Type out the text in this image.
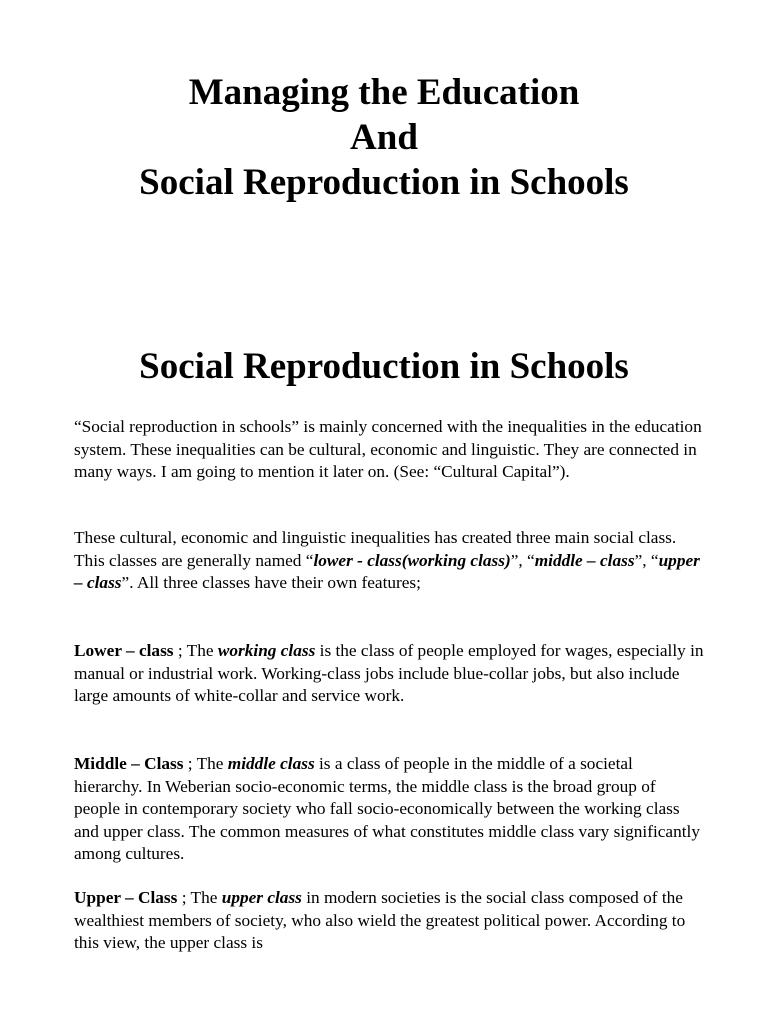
Managing the Education
And
Social Reproduction in Schools
Social Reproduction in Schools

“Social reproduction in schools” is mainly concerned with the inequalities in the education system. These inequalities can be cultural, economic and linguistic. They are connected in many ways. I am going to mention it later on. (See: “Cultural Capital”).

These cultural, economic and linguistic inequalities has created three main social class. This classes are generally named “lower - class(working class)”, “middle – class”, “upper – class”. All three classes have their own features;

Lower – class ; The working class is the class of people employed for wages, especially in manual or industrial work. Working-class jobs include blue-collar jobs, but also include large amounts of white-collar and service work.

Middle – Class ; The middle class is a class of people in the middle of a societal hierarchy. In Weberian socio-economic terms, the middle class is the broad group of people in contemporary society who fall socio-economically between the working class and upper class. The common measures of what constitutes middle class vary significantly among cultures.

Upper – Class ; The upper class in modern societies is the social class composed of the wealthiest members of society, who also wield the greatest political power. According to this view, the upper class is
